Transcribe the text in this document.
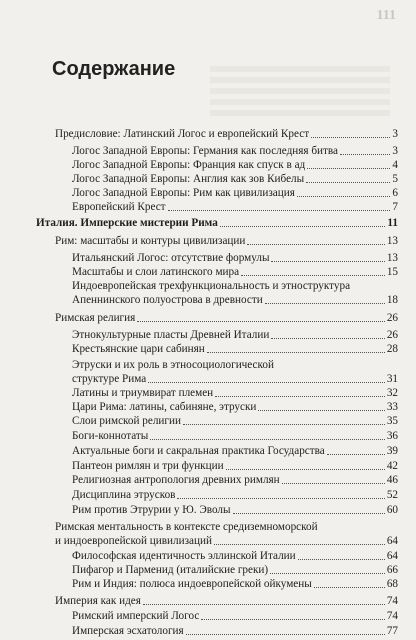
111
Содержание
Предисловие: Латинский Логос и европейский Крест	3
Логос Западной Европы: Германия как последняя битва	3
Логос Западной Европы: Франция как спуск в ад	4
Логос Западной Европы: Англия как зов Кибелы	5
Логос Западной Европы: Рим как цивилизация	6
Европейский Крест	7
Италия. Имперские мистерии Рима	11
Рим: масштабы и контуры цивилизации	13
Итальянский Логос: отсутствие формулы	13
Масштабы и слои латинского мира	15
Индоевропейская трехфункциональность и этноструктура
Апеннинского полуострова в древности	18
Римская религия	26
Этнокультурные пласты Древней Италии	26
Крестьянские цари сабинян	28
Этруски и их роль в этносоциологической
структуре Рима	31
Латины и триумвират племен	32
Цари Рима: латины, сабиняне, этруски	33
Слои римской религии	35
Боги-коннотаты	36
Актуальные боги и сакральная практика Государства	39
Пантеон римлян и три функции	42
Религиозная антропология древних римлян	46
Дисциплина этрусков	52
Рим против Этрурии у Ю. Эволы	60
Римская ментальность в контексте средиземноморской
и индоевропейской цивилизаций	64
Философская идентичность эллинской Италии	64
Пифагор и Парменид (италийские греки)	66
Рим и Индия: полюса индоевропейской ойкумены	68
Империя как идея	74
Римский имперский Логос	74
Имперская эсхатология	77
